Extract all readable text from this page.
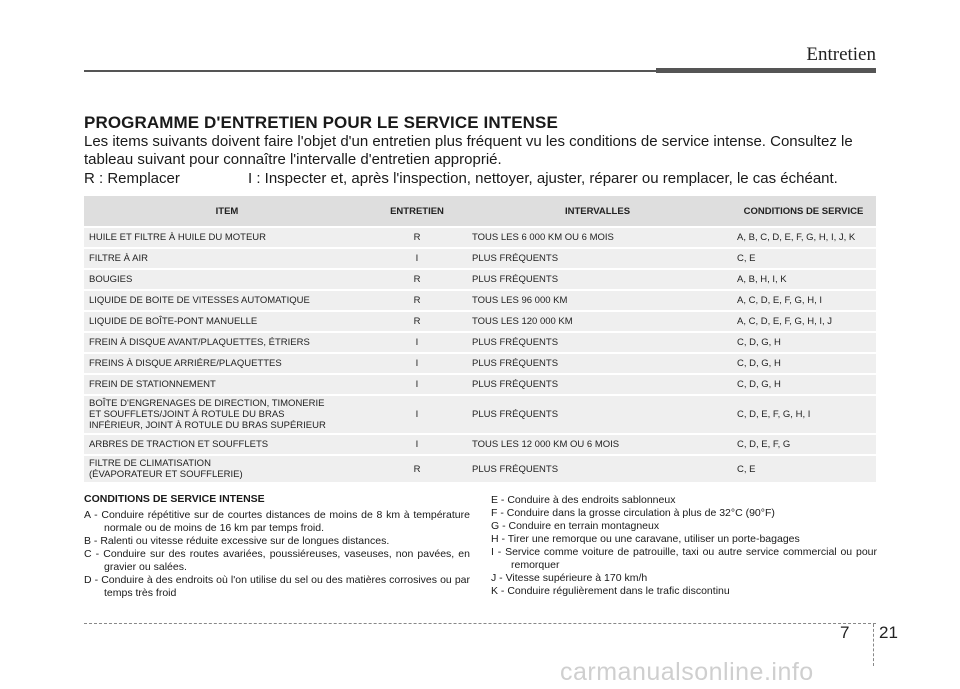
Entretien
PROGRAMME D'ENTRETIEN POUR LE SERVICE INTENSE
Les items suivants doivent faire l'objet d'un entretien plus fréquent vu les conditions de service intense. Consultez le tableau suivant pour connaître l'intervalle d'entretien approprié.
R : Remplacer	I : Inspecter et, après l'inspection, nettoyer, ajuster, réparer ou remplacer, le cas échéant.
ITEM	ENTRETIEN	INTERVALLES	CONDITIONS DE SERVICE
HUILE ET FILTRE À HUILE DU MOTEUR	R	TOUS LES 6 000 KM OU 6 MOIS	A, B, C, D, E, F, G, H, I, J, K
FILTRE À AIR	I	PLUS FRÉQUENTS	C, E
BOUGIES	R	PLUS FRÉQUENTS	A, B, H, I, K
LIQUIDE DE BOITE DE VITESSES AUTOMATIQUE	R	TOUS LES 96 000 KM	A, C, D, E, F, G, H, I
LIQUIDE DE BOÎTE-PONT MANUELLE	R	TOUS LES 120 000 KM	A, C, D, E, F, G, H, I, J
FREIN À DISQUE AVANT/PLAQUETTES, ÉTRIERS	I	PLUS FRÉQUENTS	C, D, G, H
FREINS À DISQUE ARRIÉRE/PLAQUETTES	I	PLUS FRÉQUENTS	C, D, G, H
FREIN DE STATIONNEMENT	I	PLUS FRÉQUENTS	C, D, G, H
BOÎTE D'ENGRENAGES DE DIRECTION, TIMONERIE
ET SOUFFLETS/JOINT À ROTULE DU BRAS
INFÉRIEUR, JOINT À ROTULE DU BRAS SUPÉRIEUR	I	PLUS FRÉQUENTS	C, D, E, F, G, H, I
ARBRES DE TRACTION ET SOUFFLETS	I	TOUS LES 12 000 KM OU 6 MOIS	C, D, E, F, G
FILTRE DE CLIMATISATION
(ÉVAPORATEUR ET SOUFFLERIE)	R	PLUS FRÉQUENTS	C, E
CONDITIONS DE SERVICE INTENSE
A - Conduire répétitive sur de courtes distances de moins de 8 km à température normale ou de moins de 16 km par temps froid.
B - Ralenti ou vitesse réduite excessive sur de longues distances.
C - Conduire sur des routes avariées, poussiéreuses, vaseuses, non pavées, en gravier ou salées.
D - Conduire à des endroits où l'on utilise du sel ou des matières corrosives ou par temps très froid
E - Conduire à des endroits sablonneux
F - Conduire dans la grosse circulation à plus de 32°C (90°F)
G - Conduire en terrain montagneux
H - Tirer une remorque ou une caravane, utiliser un porte-bagages
I - Service comme voiture de patrouille, taxi ou autre service commercial ou pour remorquer
J - Vitesse supérieure à 170 km/h
K - Conduire régulièrement dans le trafic discontinu
7 21
carmanualsonline.info
